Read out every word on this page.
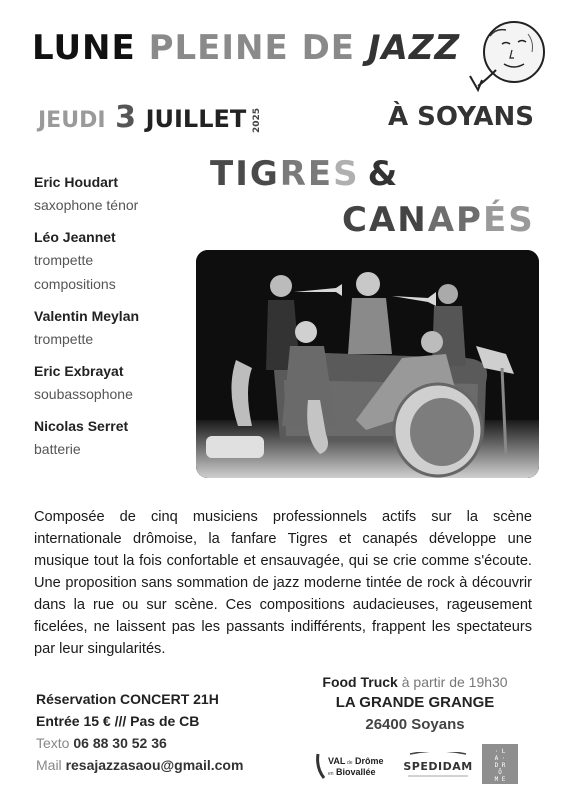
LUNE PLEINE DE JAZZ
JEUDI 3 JUILLET 2025	À SOYANS
TIGRES &
CANAPÉS
Eric Houdart
saxophone ténor
Léo Jeannet
trompette
compositions
Valentin Meylan
trompette
Eric Exbrayat
soubassophone
Nicolas Serret
batterie
Composée de cinq musiciens professionnels actifs sur la scène internationale drômoise, la fanfare Tigres et canapés développe une musique tout la fois confortable et ensauvagée, qui se crie comme s'écoute. Une proposition sans sommation de jazz moderne tintée de rock à découvrir dans la rue ou sur scène. Ces compositions audacieuses, rageusement ficelées, ne laissent pas les passants indifférents, frappent les spectateurs par leur singularités.
Réservation CONCERT 21H
Entrée 15 € /// Pas de CB
Texto 06 88 30 52 36
Mail resajazzasaou@gmail.com
Food Truck à partir de 19h30
LA GRANDE GRANGE
26400 Soyans
VAL de Drôme
en Biovallée	SPEDIDAM
· L
A ·
D R
Ô
M E
